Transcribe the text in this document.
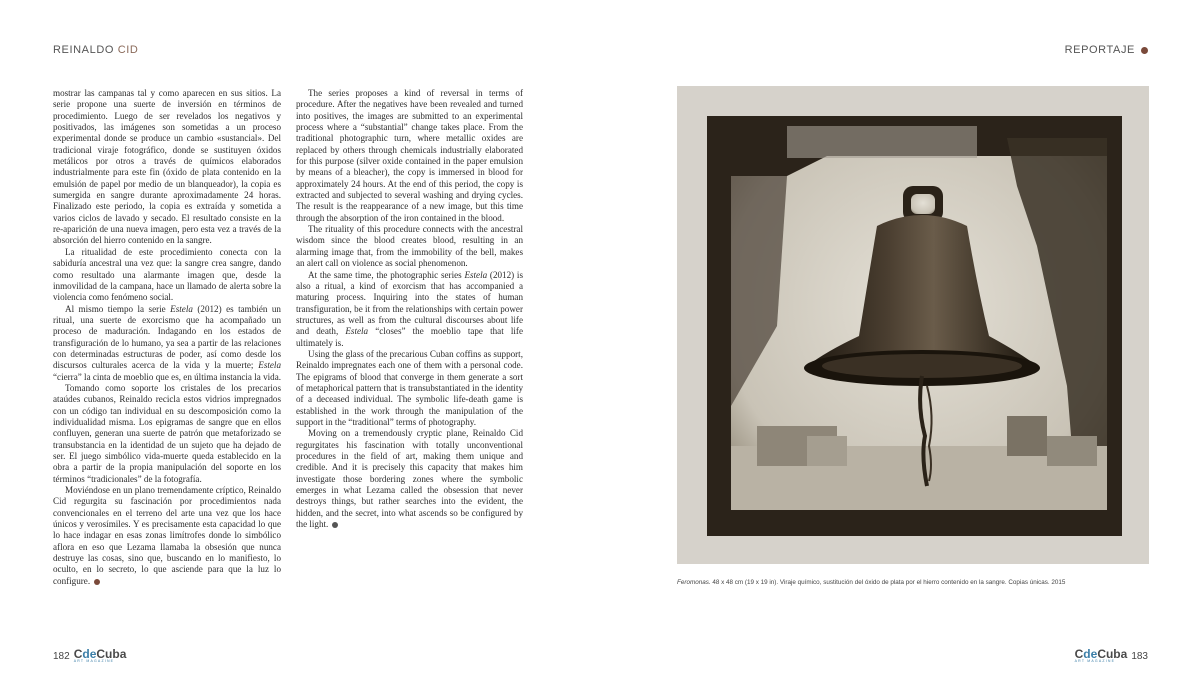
REINALDO CID	REPORTAJE

mostrar las campanas tal y como aparecen en sus sitios. La serie propone una suerte de inversión en términos de procedimiento. Luego de ser revelados los negativos y positivados, las imágenes son sometidas a un proceso experimental donde se produce un cambio «sustancial». Del tradicional viraje fotográfico, donde se sustituyen óxidos metálicos por otros a través de químicos elaborados industrialmente para este fin (óxido de plata contenido en la emulsión de papel por medio de un blanqueador), la copia es sumergida en sangre durante aproximadamente 24 horas. Finalizado este periodo, la copia es extraída y sometida a varios ciclos de lavado y secado. El resultado consiste en la re-aparición de una nueva imagen, pero esta vez a través de la absorción del hierro contenido en la sangre.

La ritualidad de este procedimiento conecta con la sabiduría ancestral una vez que: la sangre crea sangre, dando como resultado una alarmante imagen que, desde la inmovilidad de la campana, hace un llamado de alerta sobre la violencia como fenómeno social.

Al mismo tiempo la serie Estela (2012) es también un ritual, una suerte de exorcismo que ha acompañado un proceso de maduración. Indagando en los estados de transfiguración de lo humano, ya sea a partir de las relaciones con determinadas estructuras de poder, así como desde los discursos culturales acerca de la vida y la muerte; Estela “cierra” la cinta de moeblio que es, en última instancia la vida.

Tomando como soporte los cristales de los precarios ataúdes cubanos, Reinaldo recicla estos vidrios impregnados con un código tan individual en su descomposición como la individualidad misma. Los epigramas de sangre que en ellos confluyen, generan una suerte de patrón que metaforizado se transubstancia en la identidad de un sujeto que ha dejado de ser. El juego simbólico vida-muerte queda establecido en la obra a partir de la propia manipulación del soporte en los términos “tradicionales” de la fotografía.

Moviéndose en un plano tremendamente críptico, Reinaldo Cid regurgita su fascinación por procedimientos nada convencionales en el terreno del arte una vez que los hace únicos y verosímiles. Y es precisamente esta capacidad lo que lo hace indagar en esas zonas limítrofes donde lo simbólico aflora en eso que Lezama llamaba la obsesión que nunca destruye las cosas, sino que, buscando en lo manifiesto, lo oculto, en lo secreto, lo que asciende para que la luz lo configure.

The series proposes a kind of reversal in terms of procedure. After the negatives have been revealed and turned into positives, the images are submitted to an experimental process where a “substantial” change takes place. From the traditional photographic turn, where metallic oxides are replaced by others through chemicals industrially elaborated for this purpose (silver oxide contained in the paper emulsion by means of a bleacher), the copy is immersed in blood for approximately 24 hours. At the end of this period, the copy is extracted and subjected to several washing and drying cycles. The result is the reappearance of a new image, but this time through the absorption of the iron contained in the blood.

The rituality of this procedure connects with the ancestral wisdom since the blood creates blood, resulting in an alarming image that, from the immobility of the bell, makes an alert call on violence as social phenomenon.

At the same time, the photographic series Estela (2012) is also a ritual, a kind of exorcism that has accompanied a maturing process. Inquiring into the states of human transfiguration, be it from the relationships with certain power structures, as well as from the cultural discourses about life and death, Estela “closes” the moeblio tape that life ultimately is.

Using the glass of the precarious Cuban coffins as support, Reinaldo impregnates each one of them with a personal code. The epigrams of blood that converge in them generate a sort of metaphorical pattern that is transubstantiated in the identity of a deceased individual. The symbolic life-death game is established in the work through the manipulation of the support in the “traditional” terms of photography.

Moving on a tremendously cryptic plane, Reinaldo Cid regurgitates his fascination with totally unconventional procedures in the field of art, making them unique and credible. And it is precisely this capacity that makes him investigate those bordering zones where the symbolic emerges in what Lezama called the obsession that never destroys things, but rather searches into the evident, the hidden, and the secret, into what ascends so be configured by the light.

Feromonas. 48 x 48 cm (19 x 19 in). Viraje químico, sustitución del óxido de plata por el hierro contenido en la sangre. Copias únicas. 2015
182 CdeCuba
ART MAGAZINE	CdeCuba
ART MAGAZINE	183
